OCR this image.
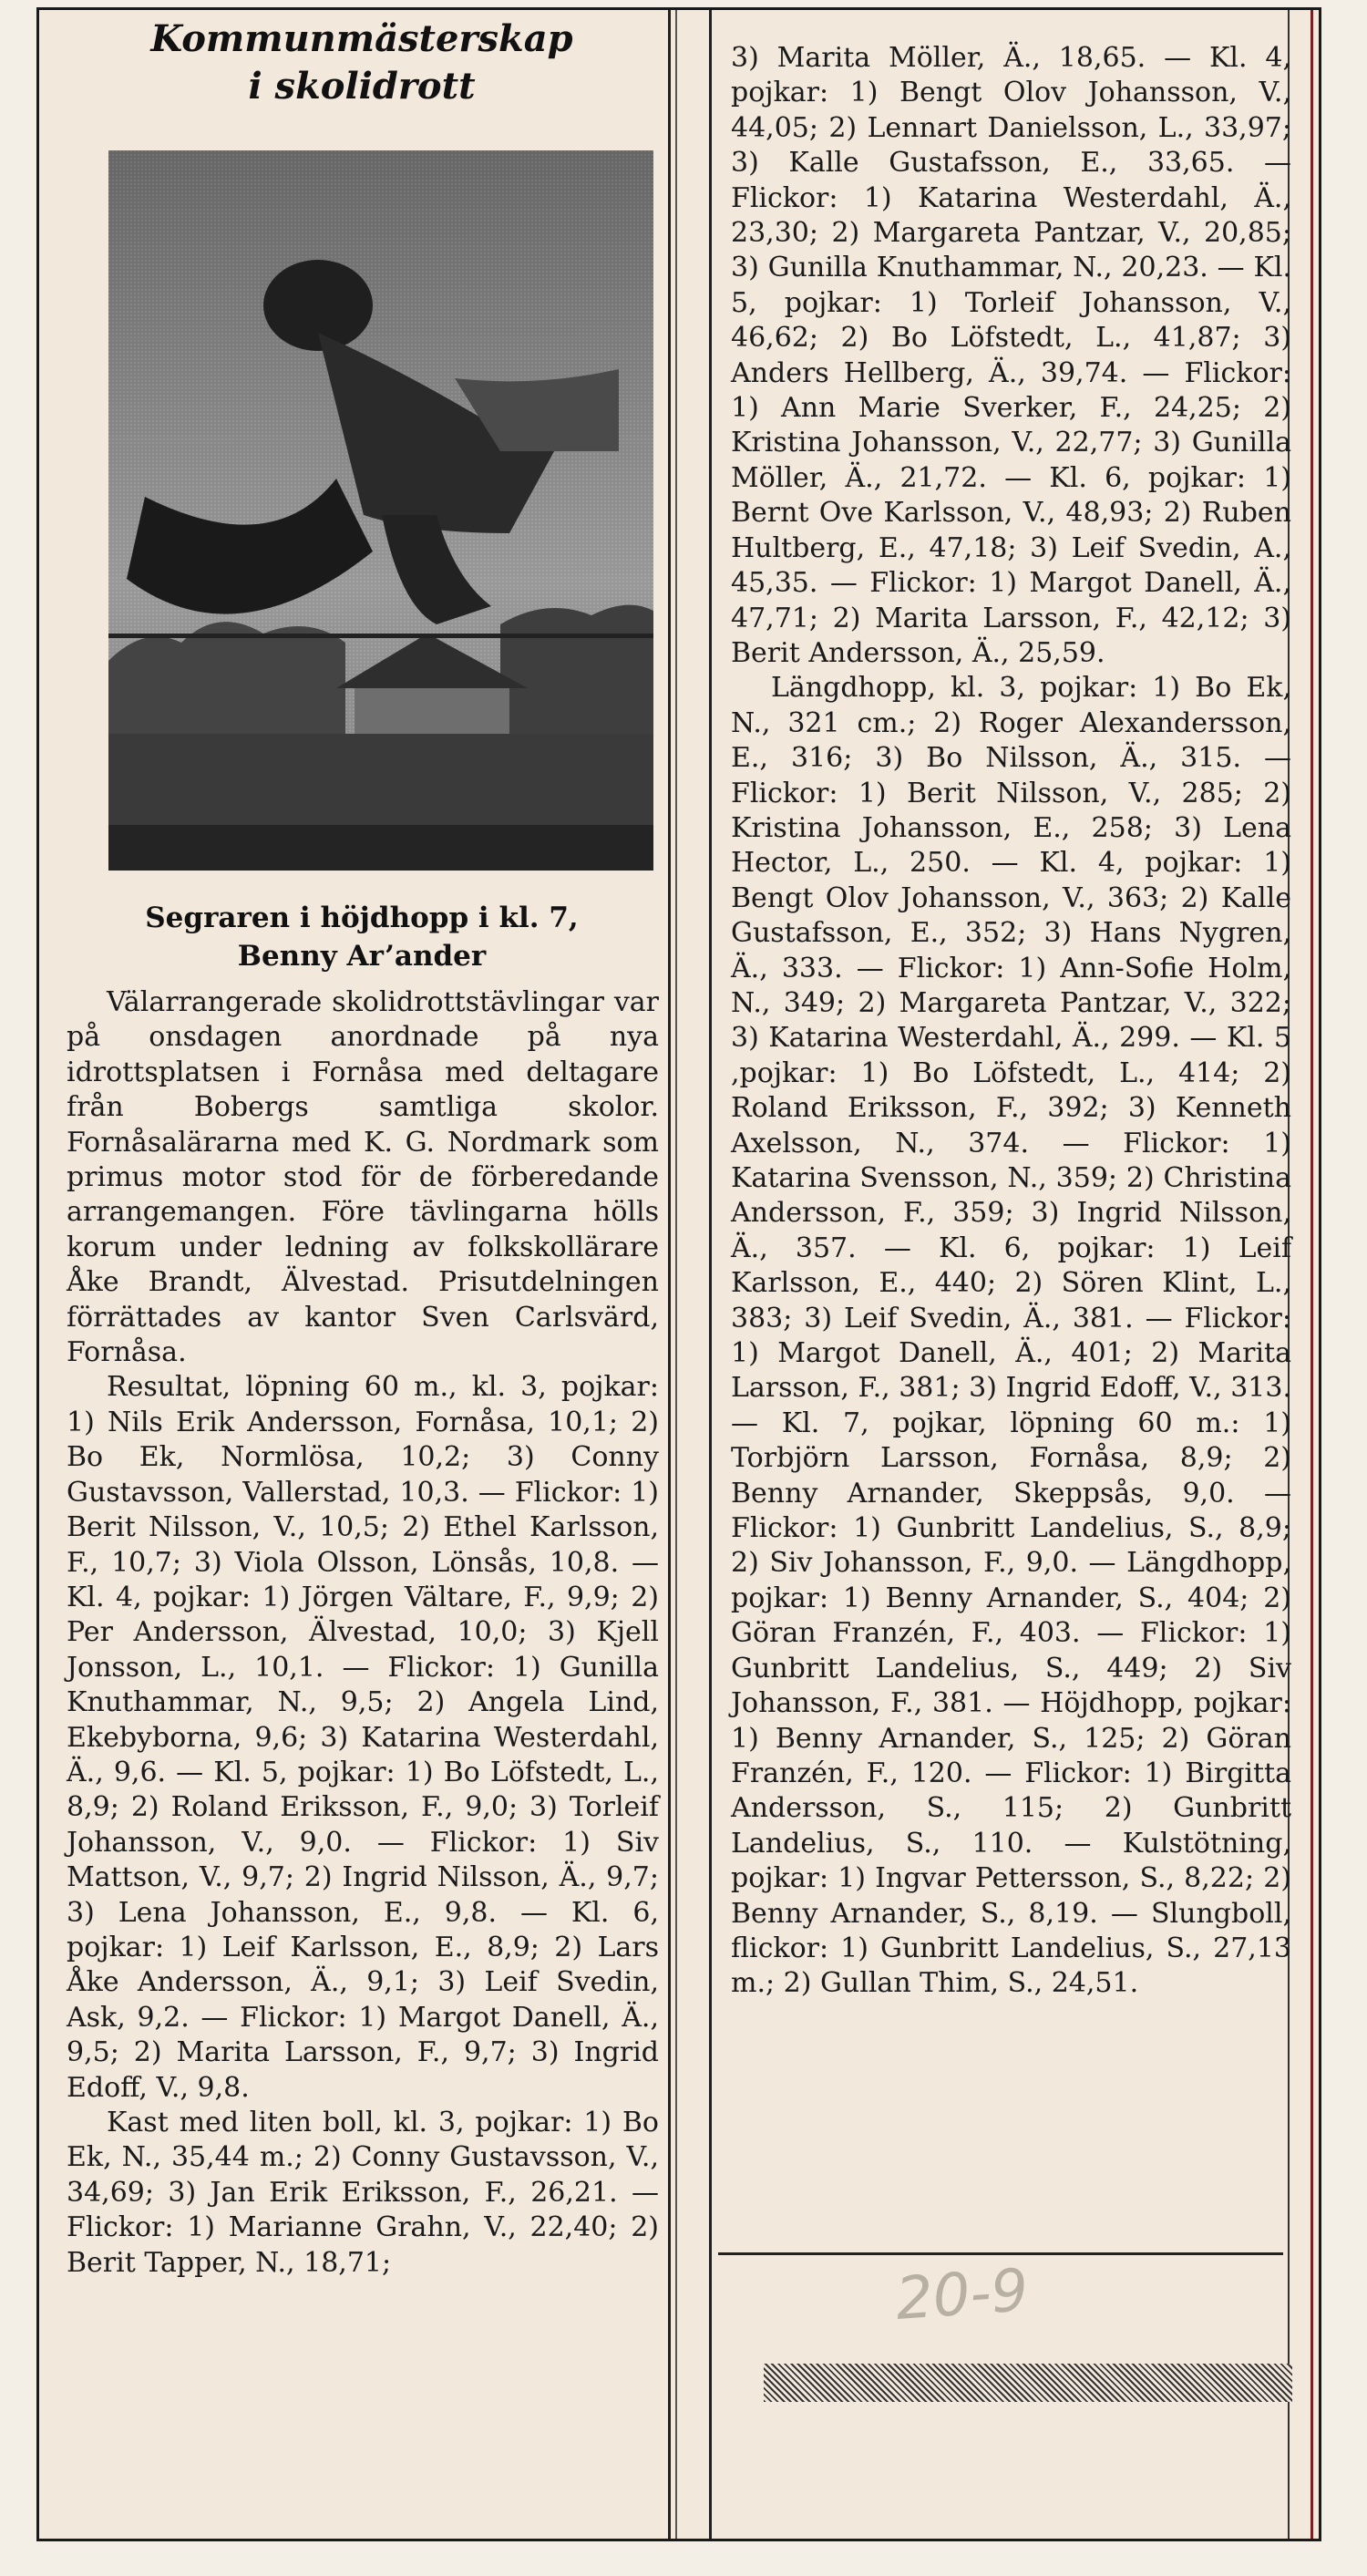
Kommunmästerskap
i skolidrott
Segraren i höjdhopp i kl. 7,
Benny Ar’ander

Välarrangerade skolidrottstävlingar var på onsdagen anordnade på nya idrottsplatsen i Fornåsa med deltagare från Bobergs samtliga skolor. Fornåsalärarna med K. G. Nordmark som primus motor stod för de förberedande arrangemangen. Före tävlingarna hölls korum under ledning av folkskollärare Åke Brandt, Älvestad. Prisutdelningen förrättades av kantor Sven Carlsvärd, Fornåsa.

Resultat, löpning 60 m., kl. 3, pojkar: 1) Nils Erik Andersson, Fornåsa, 10,1; 2) Bo Ek, Normlösa, 10,2; 3) Conny Gustavsson, Vallerstad, 10,3. — Flickor: 1) Berit Nilsson, V., 10,5; 2) Ethel Karlsson, F., 10,7; 3) Viola Olsson, Lönsås, 10,8. — Kl. 4, pojkar: 1) Jörgen Vältare, F., 9,9; 2) Per Andersson, Älvestad, 10,0; 3) Kjell Jonsson, L., 10,1. — Flickor: 1) Gunilla Knuthammar, N., 9,5; 2) Angela Lind, Ekebyborna, 9,6; 3) Katarina Westerdahl, Ä., 9,6. — Kl. 5, pojkar: 1) Bo Löfstedt, L., 8,9; 2) Roland Eriksson, F., 9,0; 3) Torleif Johansson, V., 9,0. — Flickor: 1) Siv Mattson, V., 9,7; 2) Ingrid Nilsson, Ä., 9,7; 3) Lena Johansson, E., 9,8. — Kl. 6, pojkar: 1) Leif Karlsson, E., 8,9; 2) Lars Åke Andersson, Ä., 9,1; 3) Leif Svedin, Ask, 9,2. — Flickor: 1) Margot Danell, Ä., 9,5; 2) Marita Larsson, F., 9,7; 3) Ingrid Edoff, V., 9,8.

Kast med liten boll, kl. 3, pojkar: 1) Bo Ek, N., 35,44 m.; 2) Conny Gustavsson, V., 34,69; 3) Jan Erik Eriksson, F., 26,21. — Flickor: 1) Marianne Grahn, V., 22,40; 2) Berit Tapper, N., 18,71;

3) Marita Möller, Ä., 18,65. — Kl. 4, pojkar: 1) Bengt Olov Johansson, V., 44,05; 2) Lennart Danielsson, L., 33,97; 3) Kalle Gustafsson, E., 33,65. — Flickor: 1) Katarina Westerdahl, Ä., 23,30; 2) Margareta Pantzar, V., 20,85; 3) Gunilla Knuthammar, N., 20,23. — Kl. 5, pojkar: 1) Torleif Johansson, V., 46,62; 2) Bo Löfstedt, L., 41,87; 3) Anders Hellberg, Ä., 39,74. — Flickor: 1) Ann Marie Sverker, F., 24,25; 2) Kristina Johansson, V., 22,77; 3) Gunilla Möller, Ä., 21,72. — Kl. 6, pojkar: 1) Bernt Ove Karlsson, V., 48,93; 2) Ruben Hultberg, E., 47,18; 3) Leif Svedin, A., 45,35. — Flickor: 1) Margot Danell, Ä., 47,71; 2) Marita Larsson, F., 42,12; 3) Berit Andersson, Ä., 25,59.

Längdhopp, kl. 3, pojkar: 1) Bo Ek, N., 321 cm.; 2) Roger Alexandersson, E., 316; 3) Bo Nilsson, Ä., 315. — Flickor: 1) Berit Nilsson, V., 285; 2) Kristina Johansson, E., 258; 3) Lena Hector, L., 250. — Kl. 4, pojkar: 1) Bengt Olov Johansson, V., 363; 2) Kalle Gustafsson, E., 352; 3) Hans Nygren, Ä., 333. — Flickor: 1) Ann-Sofie Holm, N., 349; 2) Margareta Pantzar, V., 322; 3) Katarina Westerdahl, Ä., 299. — Kl. 5 ,pojkar: 1) Bo Löfstedt, L., 414; 2) Roland Eriksson, F., 392; 3) Kenneth Axelsson, N., 374. — Flickor: 1) Katarina Svensson, N., 359; 2) Christina Andersson, F., 359; 3) Ingrid Nilsson, Ä., 357. — Kl. 6, pojkar: 1) Leif Karlsson, E., 440; 2) Sören Klint, L., 383; 3) Leif Svedin, Ä., 381. — Flickor: 1) Margot Danell, Ä., 401; 2) Marita Larsson, F., 381; 3) Ingrid Edoff, V., 313. — Kl. 7, pojkar, löpning 60 m.: 1) Torbjörn Larsson, Fornåsa, 8,9; 2) Benny Arnander, Skeppsås, 9,0. — Flickor: 1) Gunbritt Landelius, S., 8,9; 2) Siv Johansson, F., 9,0. — Längdhopp, pojkar: 1) Benny Arnander, S., 404; 2) Göran Franzén, F., 403. — Flickor: 1) Gunbritt Landelius, S., 449; 2) Siv Johansson, F., 381. — Höjdhopp, pojkar: 1) Benny Arnander, S., 125; 2) Göran Franzén, F., 120. — Flickor: 1) Birgitta Andersson, S., 115; 2) Gunbritt Landelius, S., 110. — Kulstötning, pojkar: 1) Ingvar Pettersson, S., 8,22; 2) Benny Arnander, S., 8,19. — Slungboll, flickor: 1) Gunbritt Landelius, S., 27,13 m.; 2) Gullan Thim, S., 24,51.

20-9
